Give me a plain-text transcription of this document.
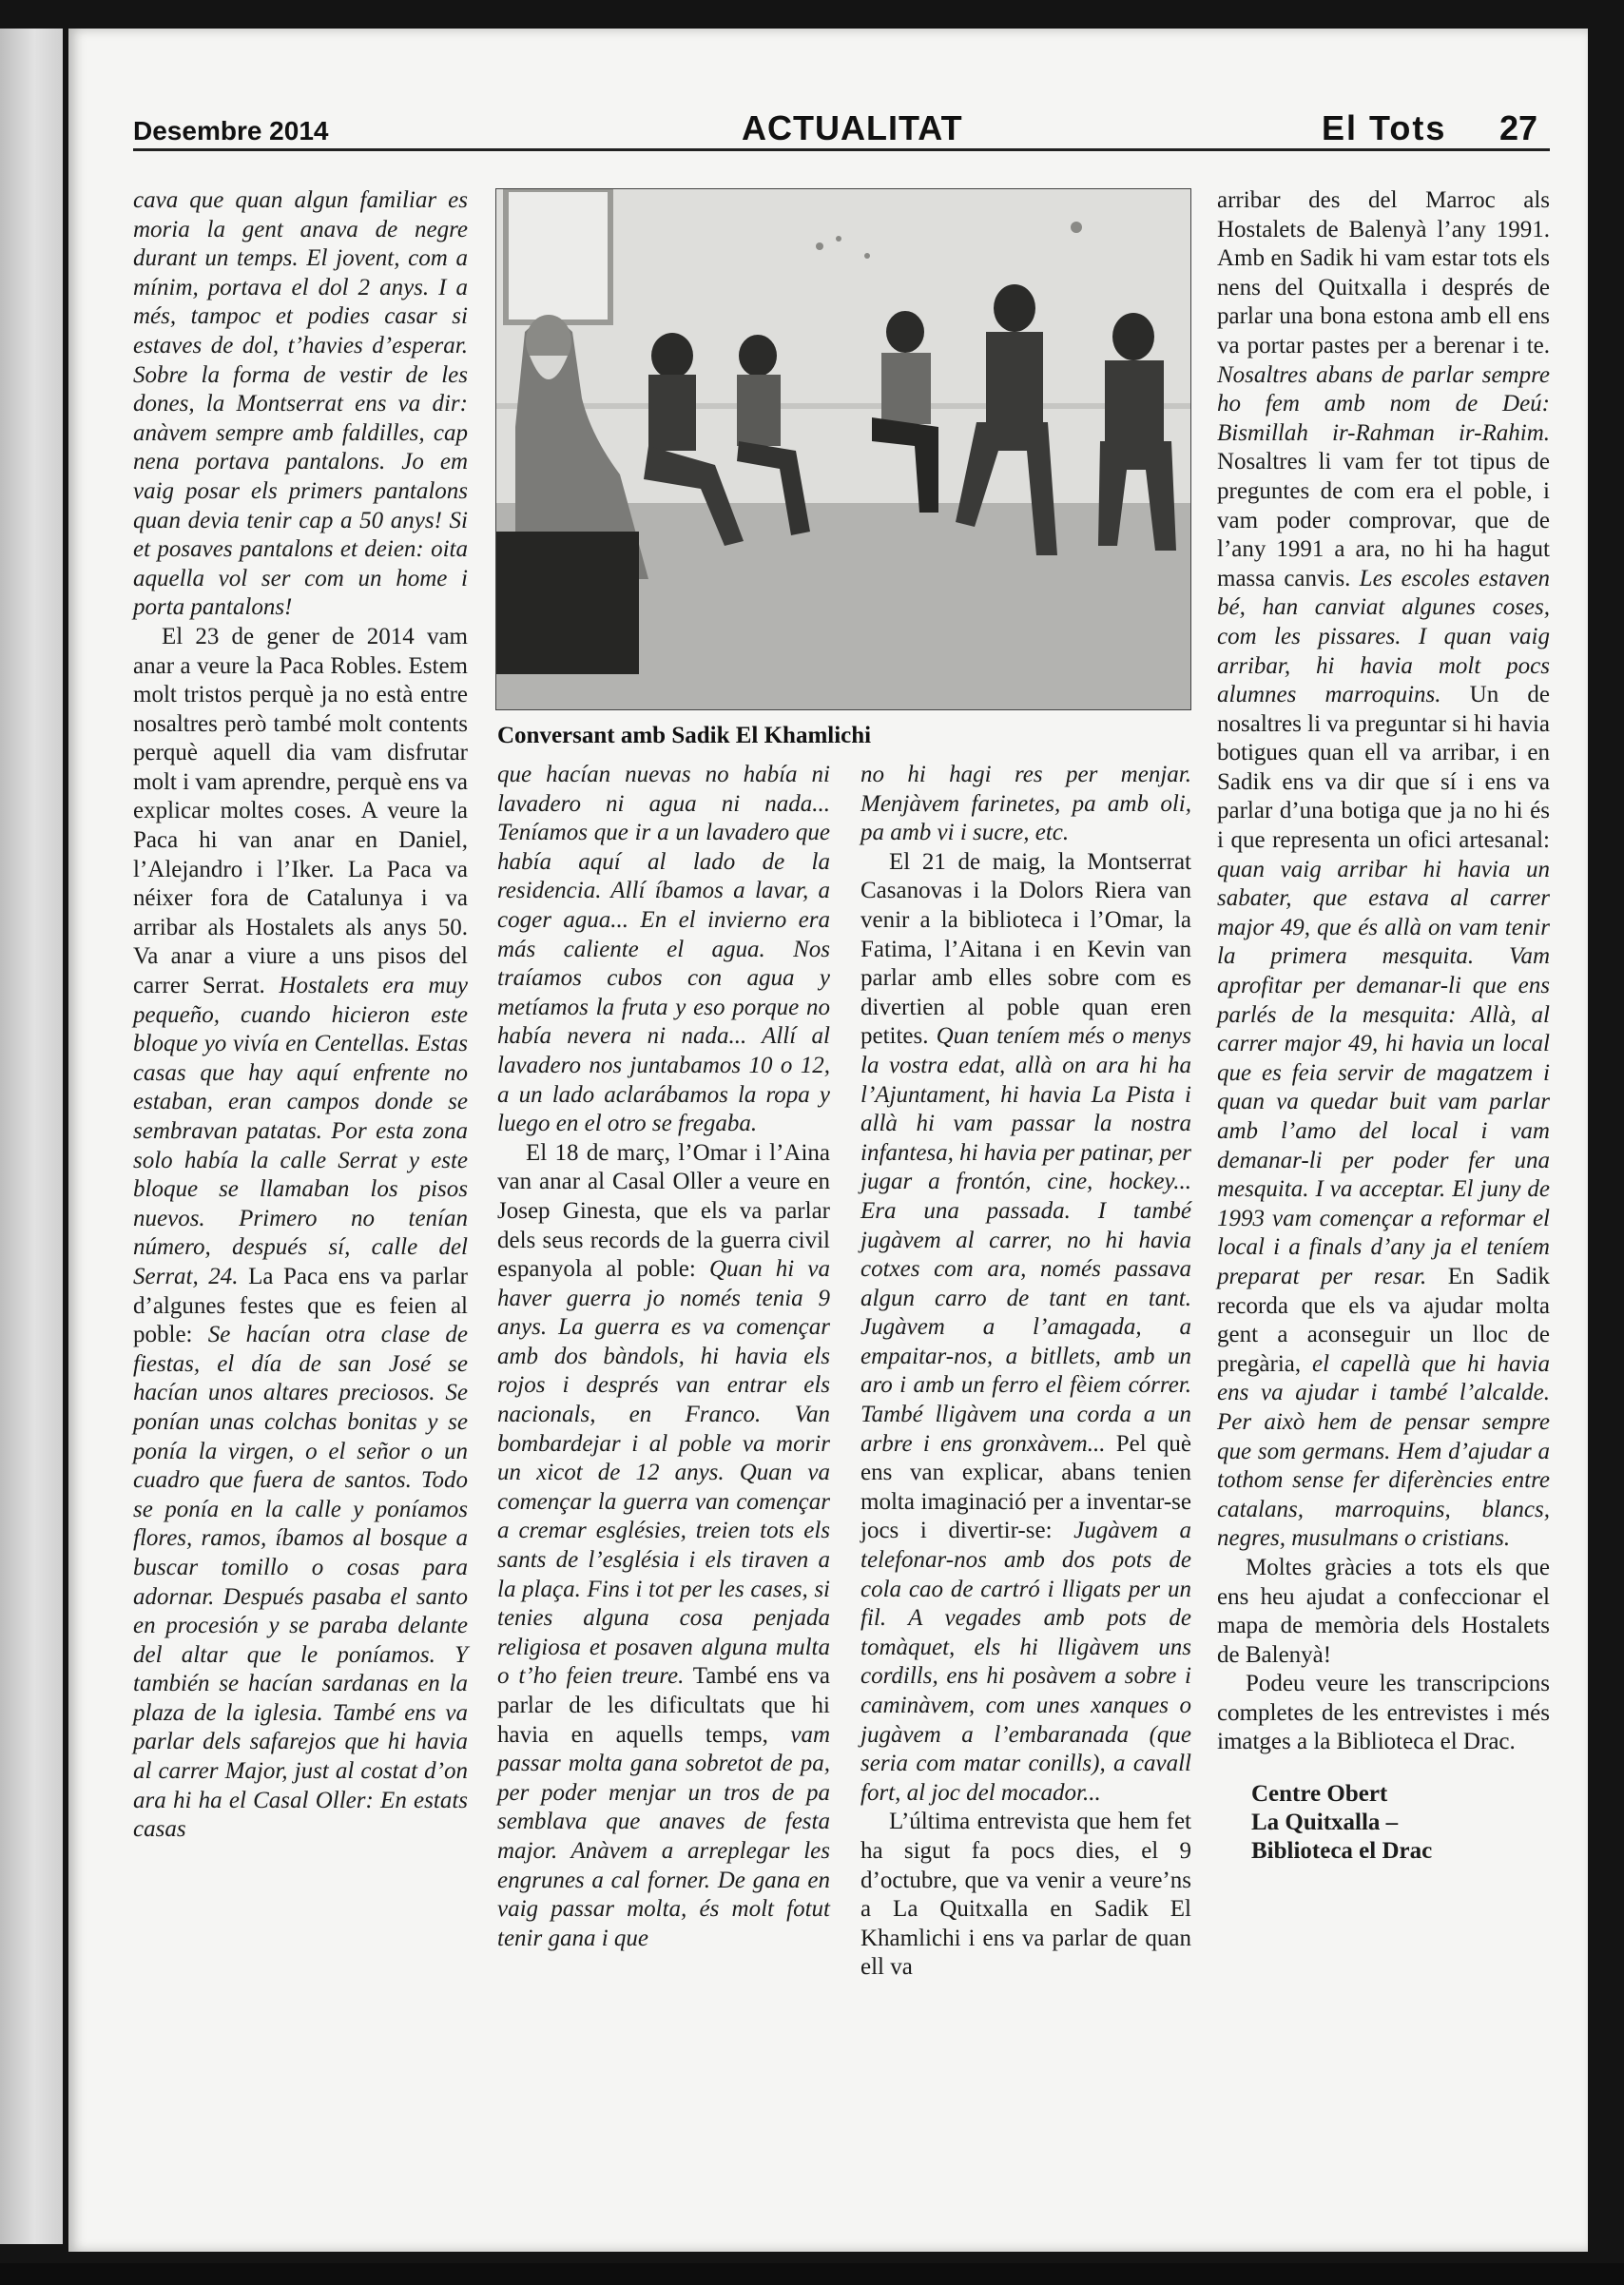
Desembre 2014	ACTUALITAT	El Tots 27
Conversant amb Sadik El Khamlichi

cava que quan algun familiar es moria la gent anava de negre durant un temps. El jovent, com a mínim, portava el dol 2 anys. I a més, tampoc et podies casar si estaves de dol, t’havies d’esperar. Sobre la forma de vestir de les dones, la Montserrat ens va dir: anàvem sempre amb faldilles, cap nena portava pantalons. Jo em vaig posar els primers pantalons quan devia tenir cap a 50 anys! Si et posaves pantalons et deien: oita aquella vol ser com un home i porta pantalons!

El 23 de gener de 2014 vam anar a veure la Paca Robles. Estem molt tristos perquè ja no està entre nosaltres però també molt contents perquè aquell dia vam disfrutar molt i vam aprendre, perquè ens va explicar moltes coses. A veure la Paca hi van anar en Daniel, l’Alejandro i l’Iker. La Paca va néixer fora de Catalunya i va arribar als Hostalets als anys 50. Va anar a viure a uns pisos del carrer Serrat. Hostalets era muy pequeño, cuando hicieron este bloque yo vivía en Centellas. Estas casas que hay aquí enfrente no estaban, eran campos donde se sembravan patatas. Por esta zona solo había la calle Serrat y este bloque se llamaban los pisos nuevos. Primero no tenían número, después sí, calle del Serrat, 24. La Paca ens va parlar d’algunes festes que es feien al poble: Se hacían otra clase de fiestas, el día de san José se hacían unos altares preciosos. Se ponían unas colchas bonitas y se ponía la virgen, o el señor o un cuadro que fuera de santos. Todo se ponía en la calle y poníamos flores, ramos, íbamos al bosque a buscar tomillo o cosas para adornar. Después pasaba el santo en procesión y se paraba delante del altar que le poníamos. Y también se hacían sardanas en la plaza de la iglesia. També ens va parlar dels safarejos que hi havia al carrer Major, just al costat d’on ara hi ha el Casal Oller: En estats casas

que hacían nuevas no había ni lavadero ni agua ni nada... Teníamos que ir a un lavadero que había aquí al lado de la residencia. Allí íbamos a lavar, a coger agua... En el invierno era más caliente el agua. Nos traíamos cubos con agua y metíamos la fruta y eso porque no había nevera ni nada... Allí al lavadero nos juntabamos 10 o 12, a un lado aclarábamos la ropa y luego en el otro se fregaba.

El 18 de març, l’Omar i l’Aina van anar al Casal Oller a veure en Josep Ginesta, que els va parlar dels seus records de la guerra civil espanyola al poble: Quan hi va haver guerra jo només tenia 9 anys. La guerra es va començar amb dos bàndols, hi havia els rojos i després van entrar els nacionals, en Franco. Van bombardejar i al poble va morir un xicot de 12 anys. Quan va començar la guerra van començar a cremar esglésies, treien tots els sants de l’església i els tiraven a la plaça. Fins i tot per les cases, si tenies alguna cosa penjada religiosa et posaven alguna multa o t’ho feien treure. També ens va parlar de les dificultats que hi havia en aquells temps, vam passar molta gana sobretot de pa, per poder menjar un tros de pa semblava que anaves de festa major. Anàvem a arreplegar les engrunes a cal forner. De gana en vaig passar molta, és molt fotut tenir gana i que

no hi hagi res per menjar. Menjàvem farinetes, pa amb oli, pa amb vi i sucre, etc.

El 21 de maig, la Montserrat Casanovas i la Dolors Riera van venir a la biblioteca i l’Omar, la Fatima, l’Aitana i en Kevin van parlar amb elles sobre com es divertien al poble quan eren petites. Quan teníem més o menys la vostra edat, allà on ara hi ha l’Ajuntament, hi havia La Pista i allà hi vam passar la nostra infantesa, hi havia per patinar, per jugar a frontón, cine, hockey... Era una passada. I també jugàvem al carrer, no hi havia cotxes com ara, només passava algun carro de tant en tant. Jugàvem a l’amagada, a empaitar-nos, a bitllets, amb un aro i amb un ferro el fèiem córrer. També lligàvem una corda a un arbre i ens gronxàvem... Pel què ens van explicar, abans tenien molta imaginació per a inventar-se jocs i divertir-se: Jugàvem a telefonar-nos amb dos pots de cola cao de cartró i lligats per un fil. A vegades amb pots de tomàquet, els hi lligàvem uns cordills, ens hi posàvem a sobre i caminàvem, com unes xanques o jugàvem a l’embaranada (que seria com matar conills), a cavall fort, al joc del mocador...

L’última entrevista que hem fet ha sigut fa pocs dies, el 9 d’octubre, que va venir a veure’ns a La Quitxalla en Sadik El Khamlichi i ens va parlar de quan ell va

arribar des del Marroc als Hostalets de Balenyà l’any 1991. Amb en Sadik hi vam estar tots els nens del Quitxalla i després de parlar una bona estona amb ell ens va portar pastes per a berenar i te. Nosaltres abans de parlar sempre ho fem amb nom de Deú: Bismillah ir-Rahman ir-Rahim. Nosaltres li vam fer tot tipus de preguntes de com era el poble, i vam poder comprovar, que de l’any 1991 a ara, no hi ha hagut massa canvis. Les escoles estaven bé, han canviat algunes coses, com les pissares. I quan vaig arribar, hi havia molt pocs alumnes marroquins. Un de nosaltres li va preguntar si hi havia botigues quan ell va arribar, i en Sadik ens va dir que sí i ens va parlar d’una botiga que ja no hi és i que representa un ofici artesanal: quan vaig arribar hi havia un sabater, que estava al carrer major 49, que és allà on vam tenir la primera mesquita. Vam aprofitar per demanar-li que ens parlés de la mesquita: Allà, al carrer major 49, hi havia un local que es feia servir de magatzem i quan va quedar buit vam parlar amb l’amo del local i vam demanar-li per poder fer una mesquita. I va acceptar. El juny de 1993 vam començar a reformar el local i a finals d’any ja el teníem preparat per resar. En Sadik recorda que els va ajudar molta gent a aconseguir un lloc de pregària, el capellà que hi havia ens va ajudar i també l’alcalde. Per això hem de pensar sempre que som germans. Hem d’ajudar a tothom sense fer diferències entre catalans, marroquins, blancs, negres, musulmans o cristians.

Moltes gràcies a tots els que ens heu ajudat a confeccionar el mapa de memòria dels Hostalets de Balenyà!

Podeu veure les transcripcions completes de les entrevistes i més imatges a la Biblioteca el Drac.

Centre Obert
La Quitxalla –
Biblioteca el Drac
